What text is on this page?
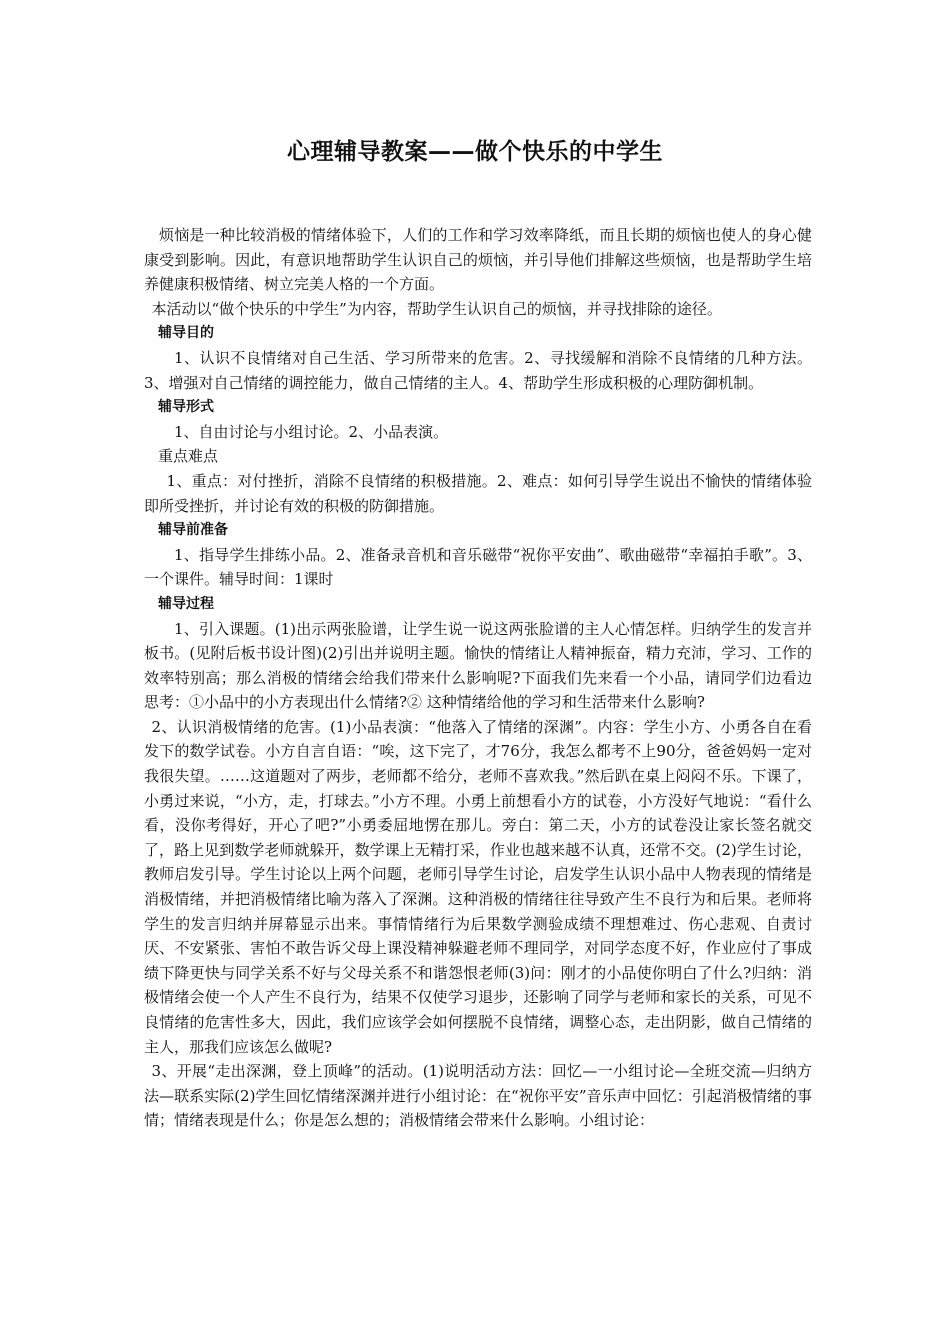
心理辅导教案——做个快乐的中学生

烦恼是一种比较消极的情绪体验下，人们的工作和学习效率降纸，而且长期的烦恼也使人的身心健康受到影响。因此，有意识地帮助学生认识自己的烦恼，并引导他们排解这些烦恼，也是帮助学生培养健康积极情绪、树立完美人格的一个方面。

本活动以“做个快乐的中学生”为内容，帮助学生认识自己的烦恼，并寻找排除的途径。

辅导目的

1、认识不良情绪对自己生活、学习所带来的危害。2、寻找缓解和消除不良情绪的几种方法。3、增强对自己情绪的调控能力，做自己情绪的主人。4、帮助学生形成积极的心理防御机制。

辅导形式

1、自由讨论与小组讨论。2、小品表演。

重点难点

1、重点：对付挫折，消除不良情绪的积极措施。2、难点：如何引导学生说出不愉快的情绪体验即所受挫折，并讨论有效的积极的防御措施。

辅导前准备

1、指导学生排练小品。2、准备录音机和音乐磁带“祝你平安曲”、歌曲磁带“幸福拍手歌”。3、一个课件。辅导时间：1课时

辅导过程

1、引入课题。(1)出示两张脸谱，让学生说一说这两张脸谱的主人心情怎样。归纳学生的发言并板书。(见附后板书设计图)(2)引出并说明主题。愉快的情绪让人精神振奋，精力充沛，学习、工作的效率特别高；那么消极的情绪会给我们带来什么影响呢?下面我们先来看一个小品，请同学们边看边思考：①小品中的小方表现出什么情绪?② 这种情绪给他的学习和生活带来什么影响?

2、认识消极情绪的危害。(1)小品表演：“他落入了情绪的深渊”。内容：学生小方、小勇各自在看发下的数学试卷。小方自言自语：“唉，这下完了，才76分，我怎么都考不上90分，爸爸妈妈一定对我很失望。……这道题对了两步，老师都不给分，老师不喜欢我。”然后趴在桌上闷闷不乐。下课了，小勇过来说，“小方，走，打球去。”小方不理。小勇上前想看小方的试卷，小方没好气地说：“看什么看，没你考得好，开心了吧?”小勇委屈地愣在那儿。旁白：第二天，小方的试卷没让家长签名就交了，路上见到数学老师就躲开，数学课上无精打采，作业也越来越不认真，还常不交。(2)学生讨论，教师启发引导。学生讨论以上两个问题，老师引导学生讨论，启发学生认识小品中人物表现的情绪是消极情绪，并把消极情绪比喻为落入了深渊。这种消极的情绪往往导致产生不良行为和后果。老师将学生的发言归纳并屏幕显示出来。事情情绪行为后果数学测验成绩不理想难过、伤心悲观、自责讨厌、不安紧张、害怕不敢告诉父母上课没精神躲避老师不理同学，对同学态度不好，作业应付了事成绩下降更快与同学关系不好与父母关系不和谐怨恨老师(3)问：刚才的小品使你明白了什么?归纳：消极情绪会使一个人产生不良行为，结果不仅使学习退步，还影响了同学与老师和家长的关系，可见不良情绪的危害性多大，因此，我们应该学会如何摆脱不良情绪，调整心态，走出阴影，做自己情绪的主人，那我们应该怎么做呢?

3、开展“走出深渊，登上顶峰”的活动。(1)说明活动方法：回忆—一小组讨论—全班交流—归纳方法—联系实际(2)学生回忆情绪深渊并进行小组讨论：在“祝你平安”音乐声中回忆：引起消极情绪的事情；情绪表现是什么；你是怎么想的；消极情绪会带来什么影响。小组讨论：
